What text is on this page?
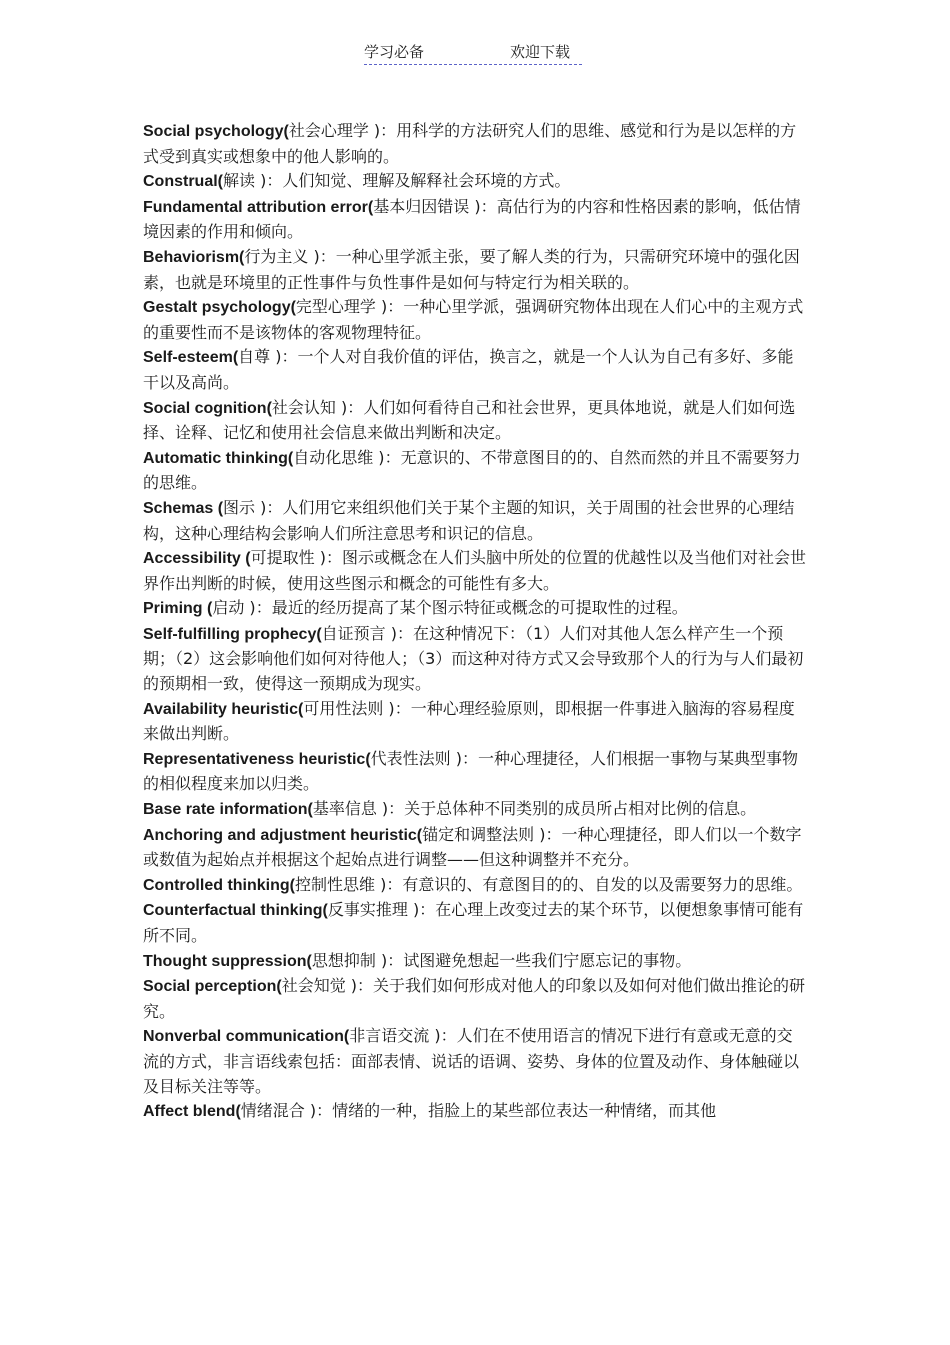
学习必备	欢迎下载

Social psychology(社会心理学 )：用科学的方法研究人们的思维、感觉和行为是以怎样的方式受到真实或想象中的他人影响的。

Construal(解读 )：人们知觉、理解及解释社会环境的方式。

Fundamental attribution error(基本归因错误 )：高估行为的内容和性格因素的影响，低估情境因素的作用和倾向。

Behaviorism(行为主义 )：一种心里学派主张，要了解人类的行为，只需研究环境中的强化因素，也就是环境里的正性事件与负性事件是如何与特定行为相关联的。

Gestalt psychology(完型心理学 )：一种心里学派，强调研究物体出现在人们心中的主观方式的重要性而不是该物体的客观物理特征。

Self-esteem(自尊 )：一个人对自我价值的评估，换言之，就是一个人认为自己有多好、多能干以及高尚。

Social cognition(社会认知 )：人们如何看待自己和社会世界，更具体地说，就是人们如何选择、诠释、记忆和使用社会信息来做出判断和决定。

Automatic thinking(自动化思维 )：无意识的、不带意图目的的、自然而然的并且不需要努力的思维。

Schemas (图示 )：人们用它来组织他们关于某个主题的知识，关于周围的社会世界的心理结构，这种心理结构会影响人们所注意思考和识记的信息。

Accessibility (可提取性 )：图示或概念在人们头脑中所处的位置的优越性以及当他们对社会世界作出判断的时候，使用这些图示和概念的可能性有多大。

Priming (启动 )：最近的经历提高了某个图示特征或概念的可提取性的过程。

Self-fulfilling prophecy(自证预言 )：在这种情况下：（1）人们对其他人怎么样产生一个预期；（2）这会影响他们如何对待他人；（3）而这种对待方式又会导致那个人的行为与人们最初的预期相一致，使得这一预期成为现实。

Availability heuristic(可用性法则 )：一种心理经验原则，即根据一件事进入脑海的容易程度来做出判断。

Representativeness heuristic(代表性法则 )：一种心理捷径，人们根据一事物与某典型事物的相似程度来加以归类。

Base rate information(基率信息 )：关于总体种不同类别的成员所占相对比例的信息。

Anchoring and adjustment heuristic(锚定和调整法则 )：一种心理捷径，即人们以一个数字或数值为起始点并根据这个起始点进行调整——但这种调整并不充分。

Controlled thinking(控制性思维 )：有意识的、有意图目的的、自发的以及需要努力的思维。

Counterfactual thinking(反事实推理 )：在心理上改变过去的某个环节，以便想象事情可能有所不同。

Thought suppression(思想抑制 )：试图避免想起一些我们宁愿忘记的事物。

Social perception(社会知觉 )：关于我们如何形成对他人的印象以及如何对他们做出推论的研究。

Nonverbal communication(非言语交流 )：人们在不使用语言的情况下进行有意或无意的交流的方式，非言语线索包括：面部表情、说话的语调、姿势、身体的位置及动作、身体触碰以及目标关注等等。

Affect blend(情绪混合 )：情绪的一种，指脸上的某些部位表达一种情绪，而其他
